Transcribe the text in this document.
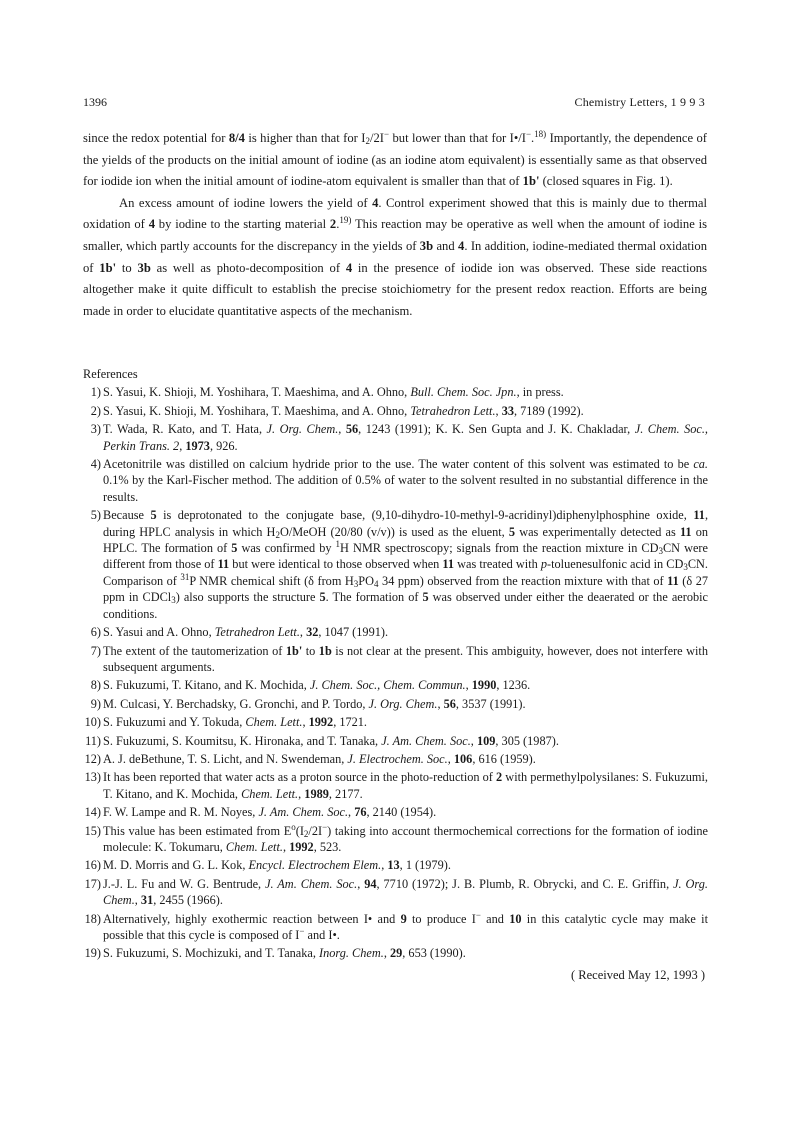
1396	Chemistry Letters, 1 9 9 3

since the redox potential for 8/4 is higher than that for $I_2/2I^-$ but lower than that for I•/I−.$^{18)}$ Importantly, the dependence of the yields of the products on the initial amount of iodine (as an iodine atom equivalent) is essentially same as that observed for iodide ion when the initial amount of iodine-atom equivalent is smaller than that of 1b' (closed squares in Fig. 1).

An excess amount of iodine lowers the yield of 4. Control experiment showed that this is mainly due to thermal oxidation of 4 by iodine to the starting material 2.$^{19)}$ This reaction may be operative as well when the amount of iodine is smaller, which partly accounts for the discrepancy in the yields of 3b and 4. In addition, iodine-mediated thermal oxidation of 1b' to 3b as well as photo-decomposition of 4 in the presence of iodide ion was observed. These side reactions altogether make it quite difficult to establish the precise stoichiometry for the present redox reaction. Efforts are being made in order to elucidate quantitative aspects of the mechanism.

References
1) S. Yasui, K. Shioji, M. Yoshihara, T. Maeshima, and A. Ohno, Bull. Chem. Soc. Jpn., in press.
2) S. Yasui, K. Shioji, M. Yoshihara, T. Maeshima, and A. Ohno, Tetrahedron Lett., 33, 7189 (1992).
3) T. Wada, R. Kato, and T. Hata, J. Org. Chem., 56, 1243 (1991); K. K. Sen Gupta and J. K. Chakladar, J. Chem. Soc., Perkin Trans. 2, 1973, 926.
4) Acetonitrile was distilled on calcium hydride prior to the use. The water content of this solvent was estimated to be ca. 0.1% by the Karl-Fischer method. The addition of 0.5% of water to the solvent resulted in no substantial difference in the results.
5) Because 5 is deprotonated to the conjugate base, (9,10-dihydro-10-methyl-9-acridinyl)diphenylphosphine oxide, 11, during HPLC analysis in which $H_2O$/MeOH (20/80 (v/v)) is used as the eluent, 5 was experimentally detected as 11 on HPLC. The formation of 5 was confirmed by $^1$H NMR spectroscopy; signals from the reaction mixture in $CD_3CN$ were different from those of 11 but were identical to those observed when 11 was treated with p-toluenesulfonic acid in $CD_3CN$. Comparison of $^{31}$P NMR chemical shift (δ from $H_3PO_4$ 34 ppm) observed from the reaction mixture with that of 11 (δ 27 ppm in CDCl$_3$) also supports the structure 5. The formation of 5 was observed under either the deaerated or the aerobic conditions.
6) S. Yasui and A. Ohno, Tetrahedron Lett., 32, 1047 (1991).
7) The extent of the tautomerization of 1b' to 1b is not clear at the present. This ambiguity, however, does not interfere with subsequent arguments.
8) S. Fukuzumi, T. Kitano, and K. Mochida, J. Chem. Soc., Chem. Commun., 1990, 1236.
9) M. Culcasi, Y. Berchadsky, G. Gronchi, and P. Tordo, J. Org. Chem., 56, 3537 (1991).
10) S. Fukuzumi and Y. Tokuda, Chem. Lett., 1992, 1721.
11) S. Fukuzumi, S. Koumitsu, K. Hironaka, and T. Tanaka, J. Am. Chem. Soc., 109, 305 (1987).
12) A. J. deBethune, T. S. Licht, and N. Swendeman, J. Electrochem. Soc., 106, 616 (1959).
13) It has been reported that water acts as a proton source in the photo-reduction of 2 with permethylpolysilanes: S. Fukuzumi, T. Kitano, and K. Mochida, Chem. Lett., 1989, 2177.
14) F. W. Lampe and R. M. Noyes, J. Am. Chem. Soc., 76, 2140 (1954).
15) This value has been estimated from $E^o(I_2/2I^-)$ taking into account thermochemical corrections for the formation of iodine molecule: K. Tokumaru, Chem. Lett., 1992, 523.
16) M. D. Morris and G. L. Kok, Encycl. Electrochem Elem., 13, 1 (1979).
17) J.-J. L. Fu and W. G. Bentrude, J. Am. Chem. Soc., 94, 7710 (1972); J. B. Plumb, R. Obrycki, and C. E. Griffin, J. Org. Chem., 31, 2455 (1966).
18) Alternatively, highly exothermic reaction between I• and 9 to produce I− and 10 in this catalytic cycle may make it possible that this cycle is composed of I− and I•.
19) S. Fukuzumi, S. Mochizuki, and T. Tanaka, Inorg. Chem., 29, 653 (1990).
( Received May 12, 1993 )
